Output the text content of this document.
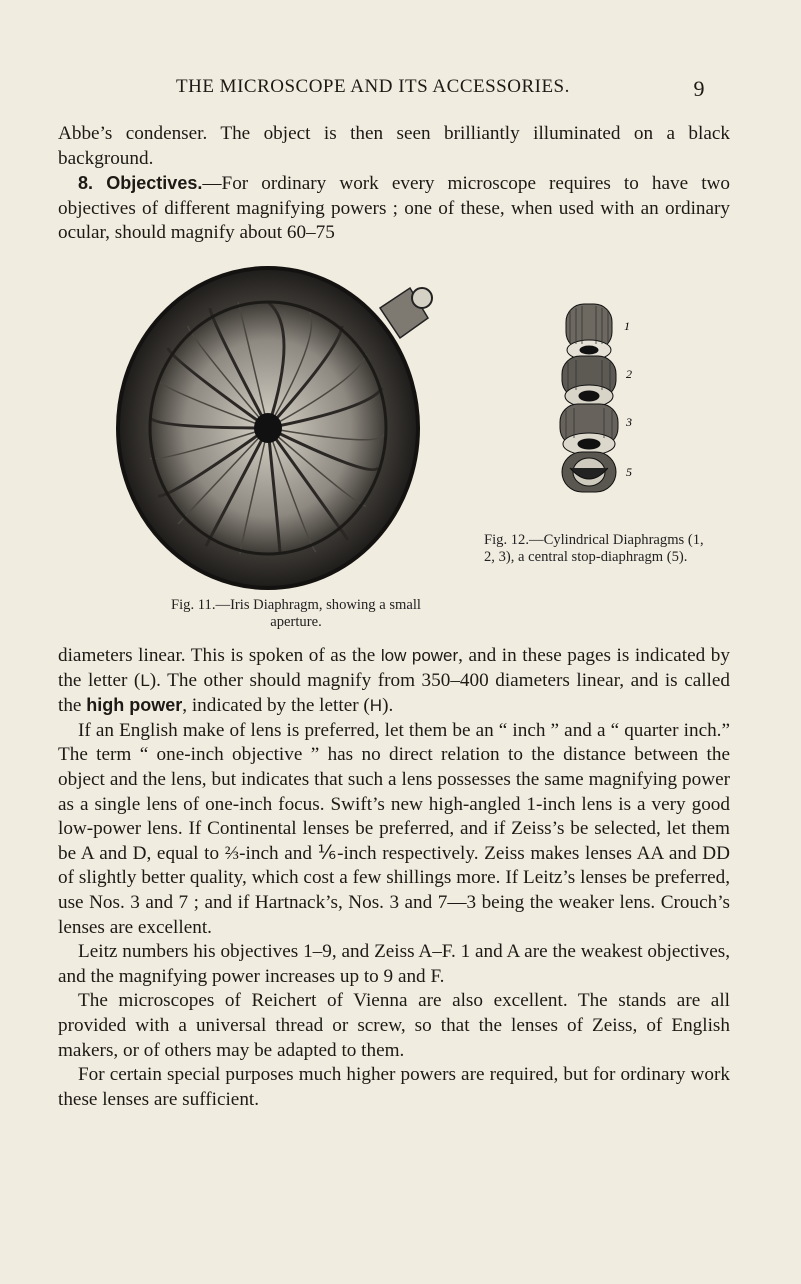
THE MICROSCOPE AND ITS ACCESSORIES.	9

Abbe’s condenser. The object is then seen brilliantly illuminated on a black background.

8. Objectives.—For ordinary work every microscope requires to have two objectives of different magnifying powers ; one of these, when used with an ordinary ocular, should magnify about 60–75

1
2
3
5
Fig. 12.—Cylindrical Diaphragms (1, 2, 3), a central stop-diaphragm (5).
Fig. 11.—Iris Diaphragm, showing a small aperture.

diameters linear. This is spoken of as the low power, and in these pages is indicated by the letter (L). The other should magnify from 350–400 diameters linear, and is called the high power, indicated by the letter (H).

If an English make of lens is preferred, let them be an “ inch ” and a “ quarter inch.” The term “ one-inch objective ” has no direct relation to the distance between the object and the lens, but indicates that such a lens possesses the same magnifying power as a single lens of one-inch focus. Swift’s new high-angled 1-inch lens is a very good low-power lens. If Continental lenses be preferred, and if Zeiss’s be selected, let them be A and D, equal to ⅔-inch and ⅙-inch respectively. Zeiss makes lenses AA and DD of slightly better quality, which cost a few shillings more. If Leitz’s lenses be preferred, use Nos. 3 and 7 ; and if Hartnack’s, Nos. 3 and 7—3 being the weaker lens. Crouch’s lenses are excellent.

Leitz numbers his objectives 1–9, and Zeiss A–F. 1 and A are the weakest objectives, and the magnifying power increases up to 9 and F.

The microscopes of Reichert of Vienna are also excellent. The stands are all provided with a universal thread or screw, so that the lenses of Zeiss, of English makers, or of others may be adapted to them.

For certain special purposes much higher powers are required, but for ordinary work these lenses are sufficient.
